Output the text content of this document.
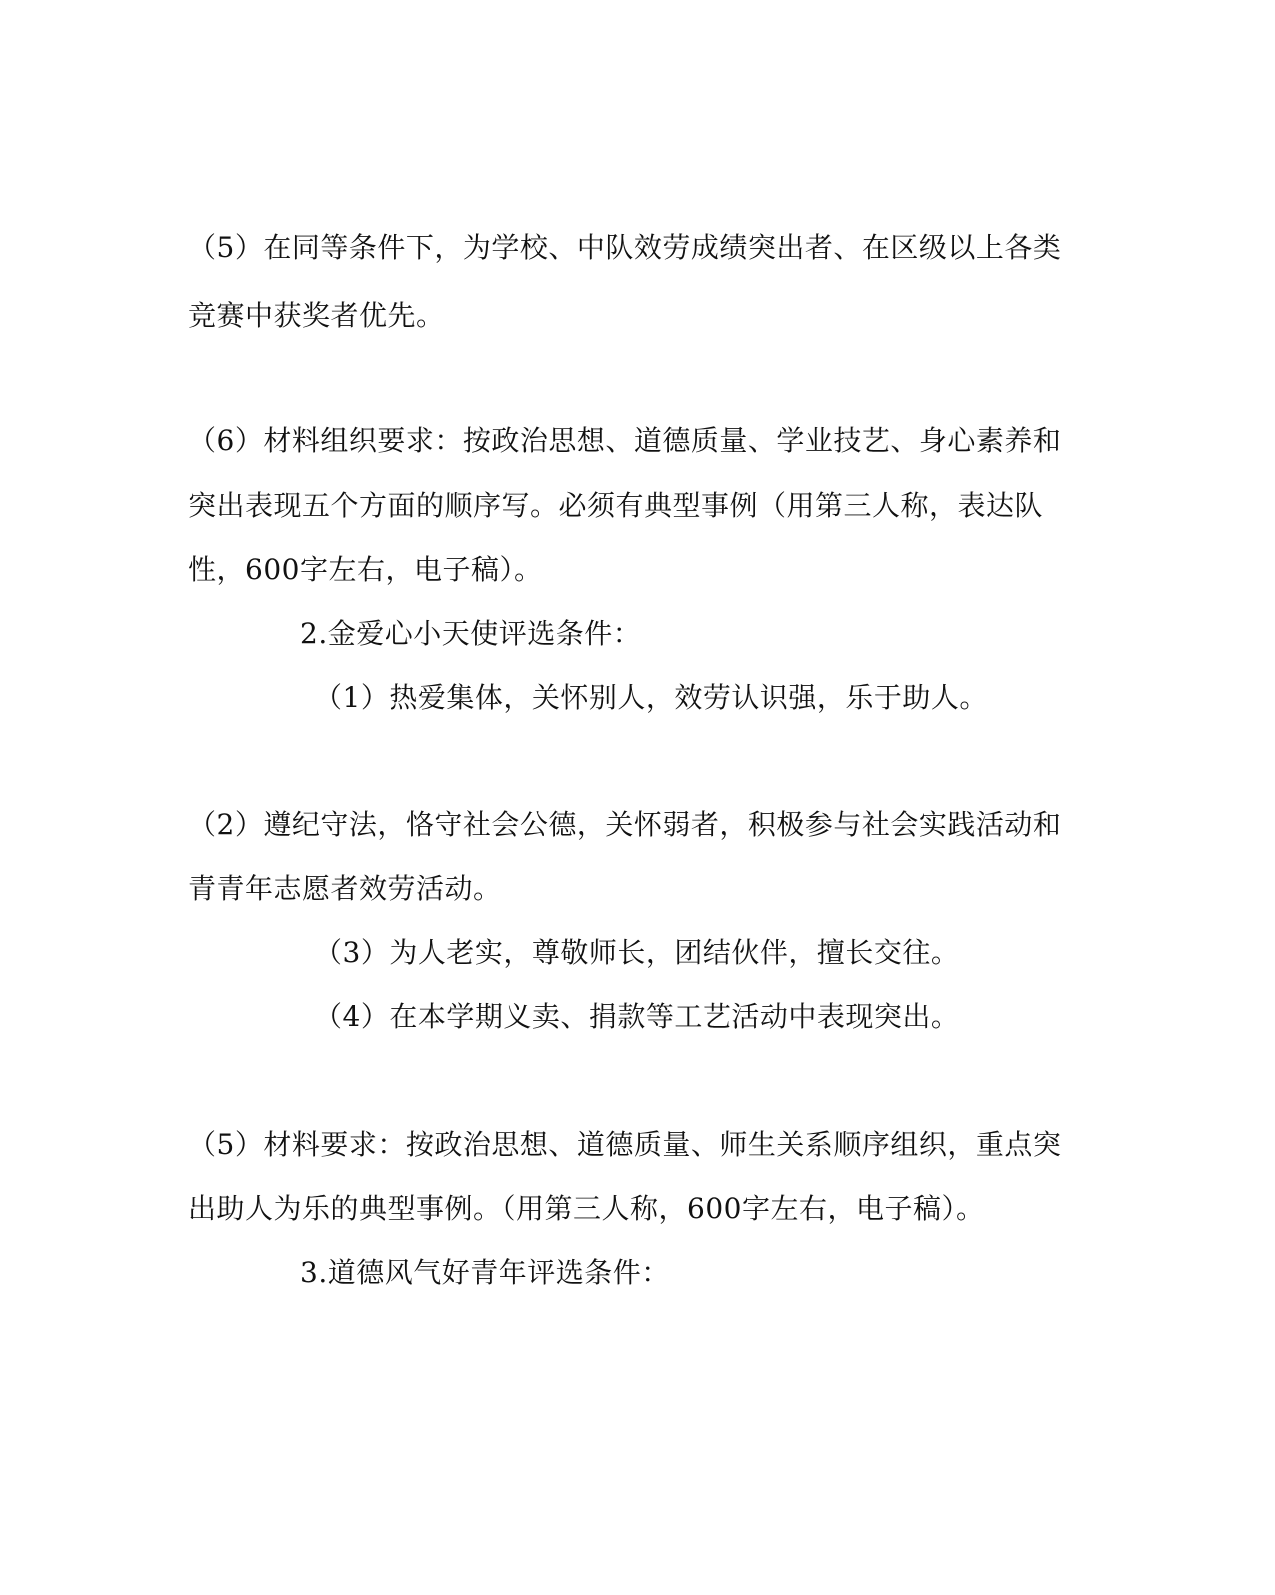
（5）在同等条件下，为学校、中队效劳成绩突出者、在区级以上各类
竞赛中获奖者优先。
（6）材料组织要求：按政治思想、道德质量、学业技艺、身心素养和
突出表现五个方面的顺序写。必须有典型事例（用第三人称，表达队
性，600字左右，电子稿）。
2.金爱心小天使评选条件：
（1）热爱集体，关怀别人，效劳认识强，乐于助人。
（2）遵纪守法，恪守社会公德，关怀弱者，积极参与社会实践活动和
青青年志愿者效劳活动。
（3）为人老实，尊敬师长，团结伙伴，擅长交往。
（4）在本学期义卖、捐款等工艺活动中表现突出。
（5）材料要求：按政治思想、道德质量、师生关系顺序组织，重点突
出助人为乐的典型事例。（用第三人称，600字左右，电子稿）。
3.道德风气好青年评选条件：
